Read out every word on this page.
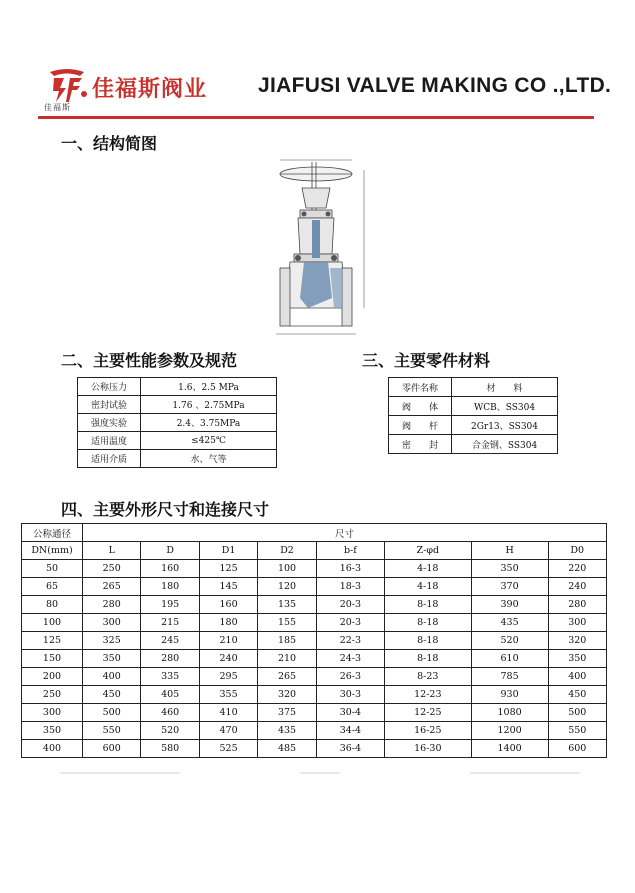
佳福斯
佳福斯阀业 JIAFUSI VALVE MAKING CO .,LTD.
一、结构简图
二、主要性能参数及规范
公称压力	1.6、2.5 MPa
密封试验	1.76 、2.75MPa
强度实验	2.4、3.75MPa
适用温度	≤425℃
适用介质	水、气等
三、主要零件材料
零件名称	材　　料
阀　　体	WCB、SS304
阀　　杆	2Gr13、SS304
密　　封	合金钢、SS304
四、主要外形尺寸和连接尺寸
公称通径	尺寸							
DN(mm)	L	D	D1	D2	b-f	Z-φd	H	D0
50	250	160	125	100	16-3	4-18	350	220
65	265	180	145	120	18-3	4-18	370	240
80	280	195	160	135	20-3	8-18	390	280
100	300	215	180	155	20-3	8-18	435	300
125	325	245	210	185	22-3	8-18	520	320
150	350	280	240	210	24-3	8-18	610	350
200	400	335	295	265	26-3	8-23	785	400
250	450	405	355	320	30-3	12-23	930	450
300	500	460	410	375	30-4	12-25	1080	500
350	550	520	470	435	34-4	16-25	1200	550
400	600	580	525	485	36-4	16-30	1400	600
